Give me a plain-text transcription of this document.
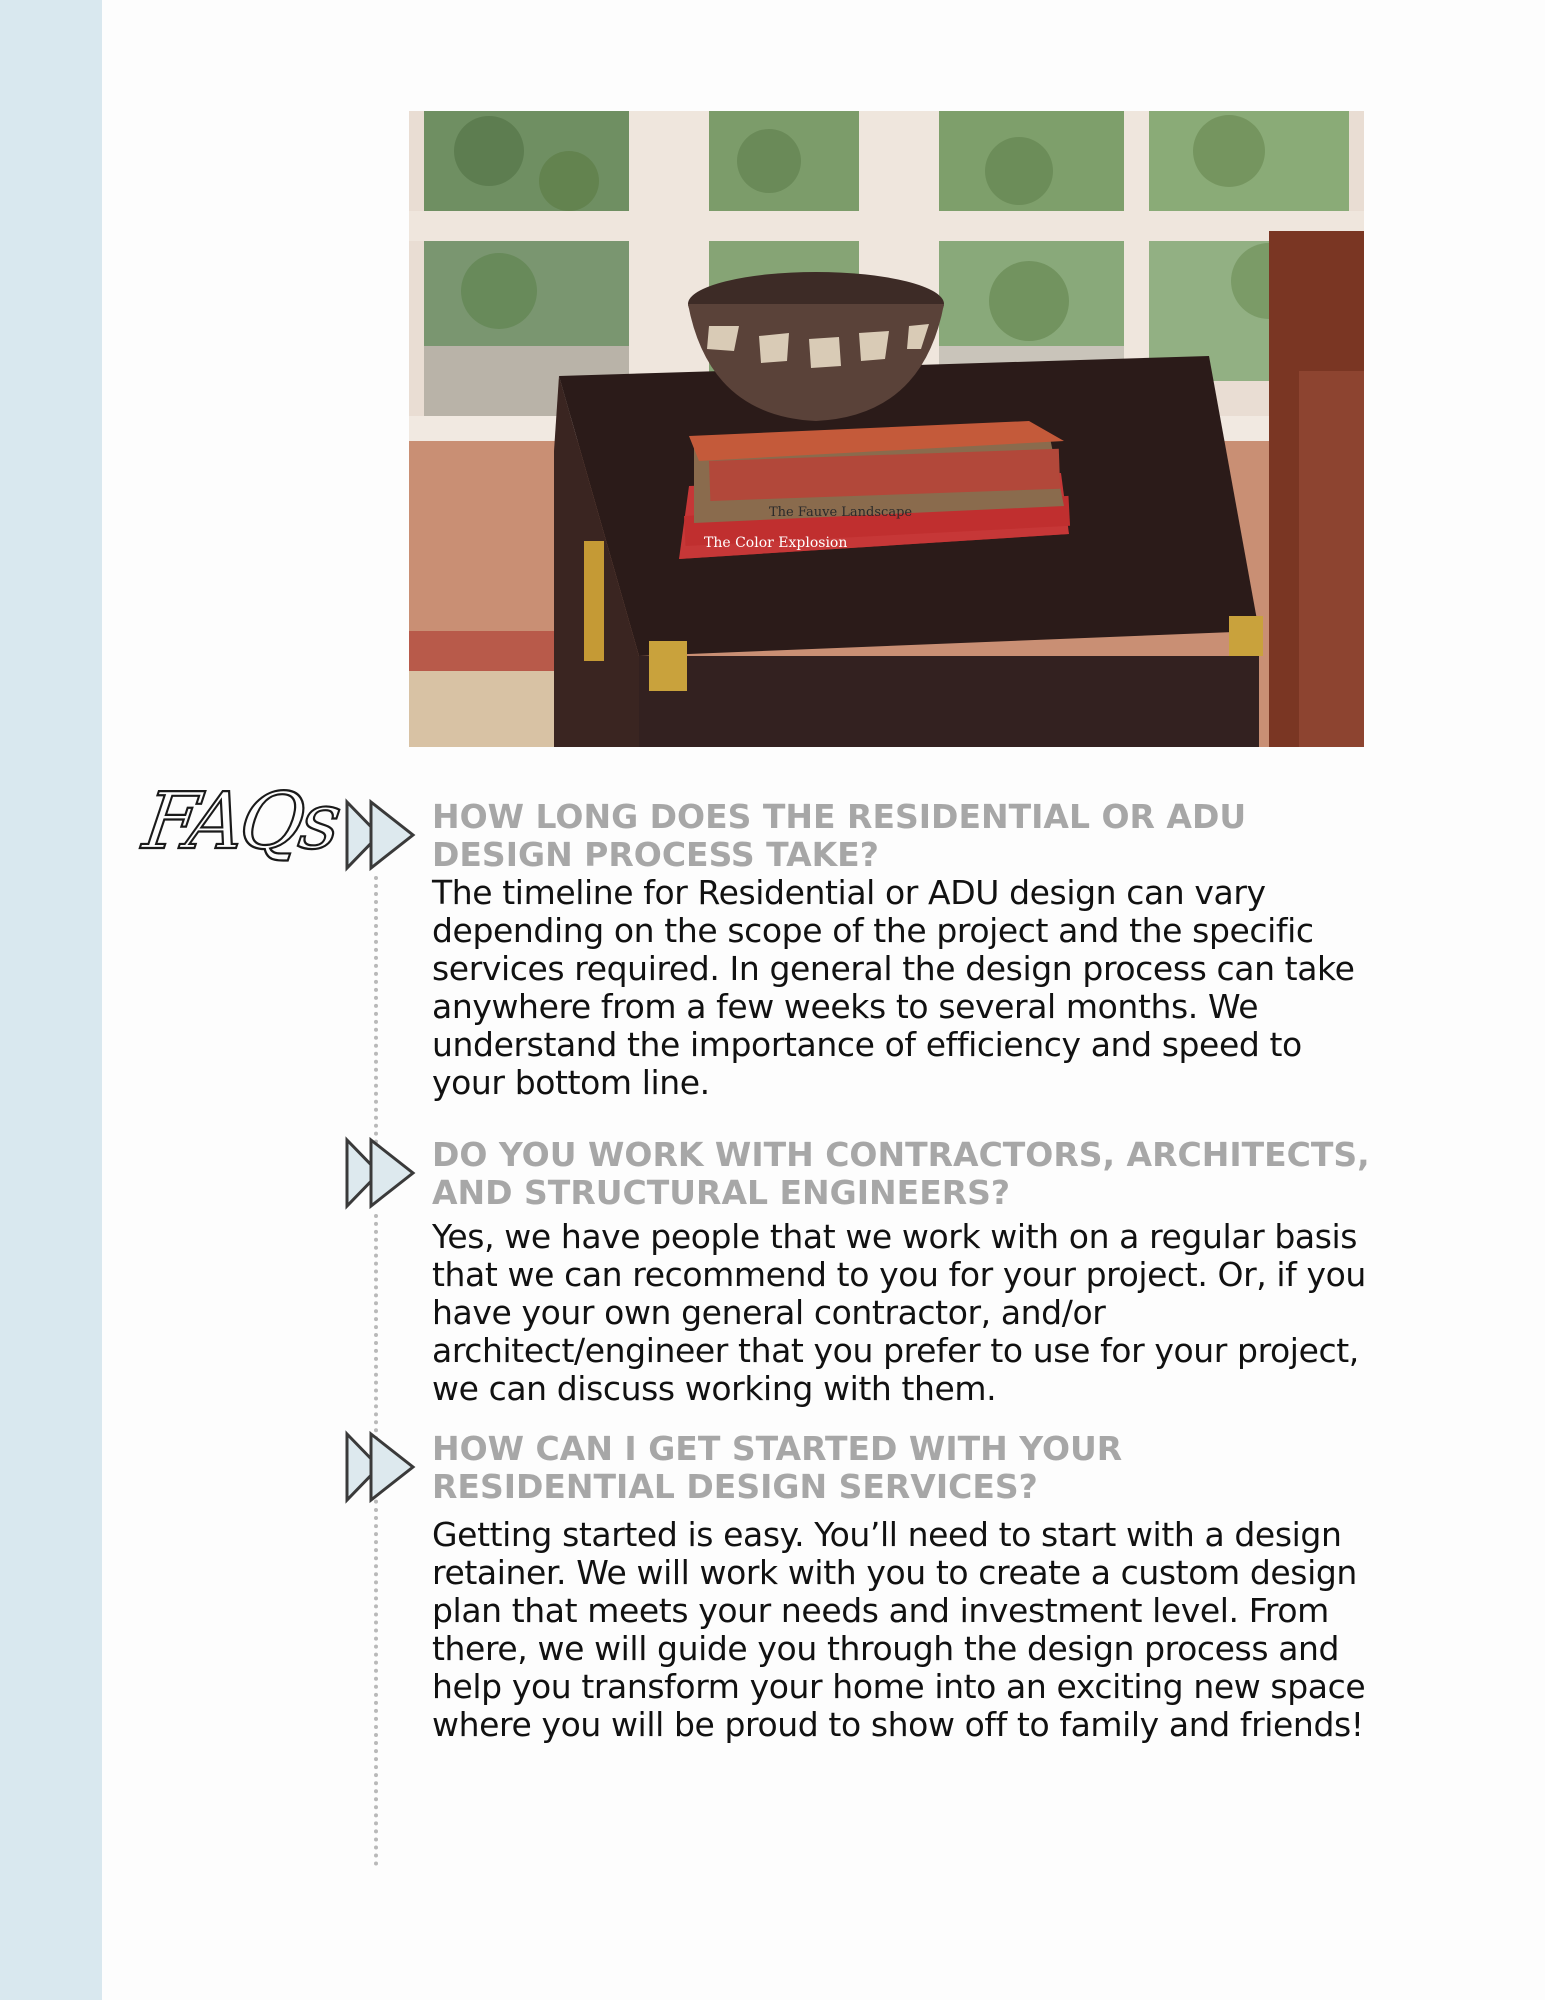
The Color Explosion
The Fauve Landscape
FAQs	HOW LONG DOES THE RESIDENTIAL OR ADU DESIGN PROCESS TAKE?

The timeline for Residential or ADU design can vary depending on the scope of the project and the specific services required. In general the design process can take anywhere from a few weeks to several months. We understand the importance of efficiency and speed to your bottom line.

DO YOU WORK WITH CONTRACTORS, ARCHITECTS, AND STRUCTURAL ENGINEERS?

Yes, we have people that we work with on a regular basis that we can recommend to you for your project. Or, if you have your own general contractor, and/or architect/engineer that you prefer to use for your project, we can discuss working with them.

HOW CAN I GET STARTED WITH YOUR RESIDENTIAL DESIGN SERVICES?

Getting started is easy. You’ll need to start with a design retainer. We will work with you to create a custom design plan that meets your needs and investment level. From there, we will guide you through the design process and help you transform your home into an exciting new space where you will be proud to show off to family and friends!
